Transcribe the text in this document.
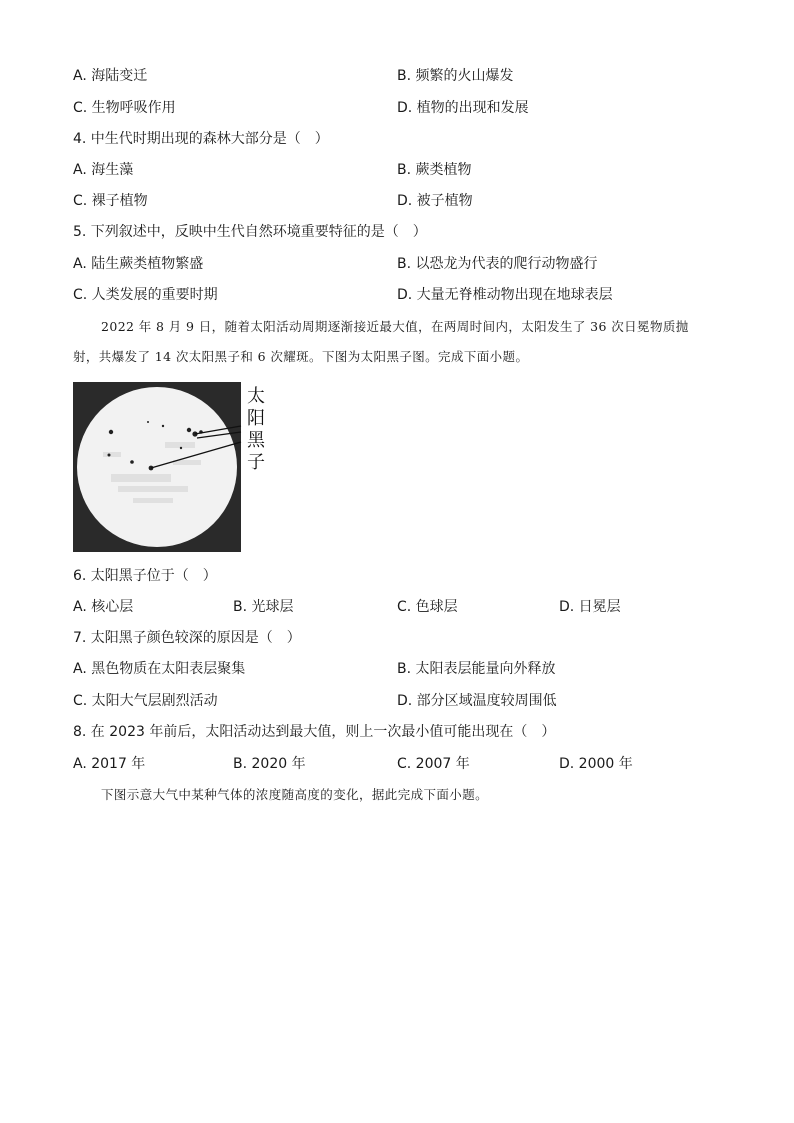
A. 海陆变迁	B. 频繁的火山爆发
C. 生物呼吸作用	D. 植物的出现和发展
4. 中生代时期出现的森林大部分是（　）
A. 海生藻	B. 蕨类植物
C. 裸子植物	D. 被子植物
5. 下列叙述中，反映中生代自然环境重要特征的是（　）
A. 陆生蕨类植物繁盛	B. 以恐龙为代表的爬行动物盛行
C. 人类发展的重要时期	D. 大量无脊椎动物出现在地球表层
2022 年 8 月 9 日，随着太阳活动周期逐渐接近最大值，在两周时间内，太阳发生了 36 次日冕物质抛
射，共爆发了 14 次太阳黑子和 6 次耀斑。下图为太阳黑子图。完成下面小题。
太
阳
黑
子
6. 太阳黑子位于（　）
A. 核心层	B. 光球层	C. 色球层	D. 日冕层
7. 太阳黑子颜色较深的原因是（　）
A. 黑色物质在太阳表层聚集	B. 太阳表层能量向外释放
C. 太阳大气层剧烈活动	D. 部分区域温度较周围低
8. 在 2023 年前后，太阳活动达到最大值，则上一次最小值可能出现在（　）
A. 2017 年	B. 2020 年	C. 2007 年	D. 2000 年
下图示意大气中某种气体的浓度随高度的变化，据此完成下面小题。
